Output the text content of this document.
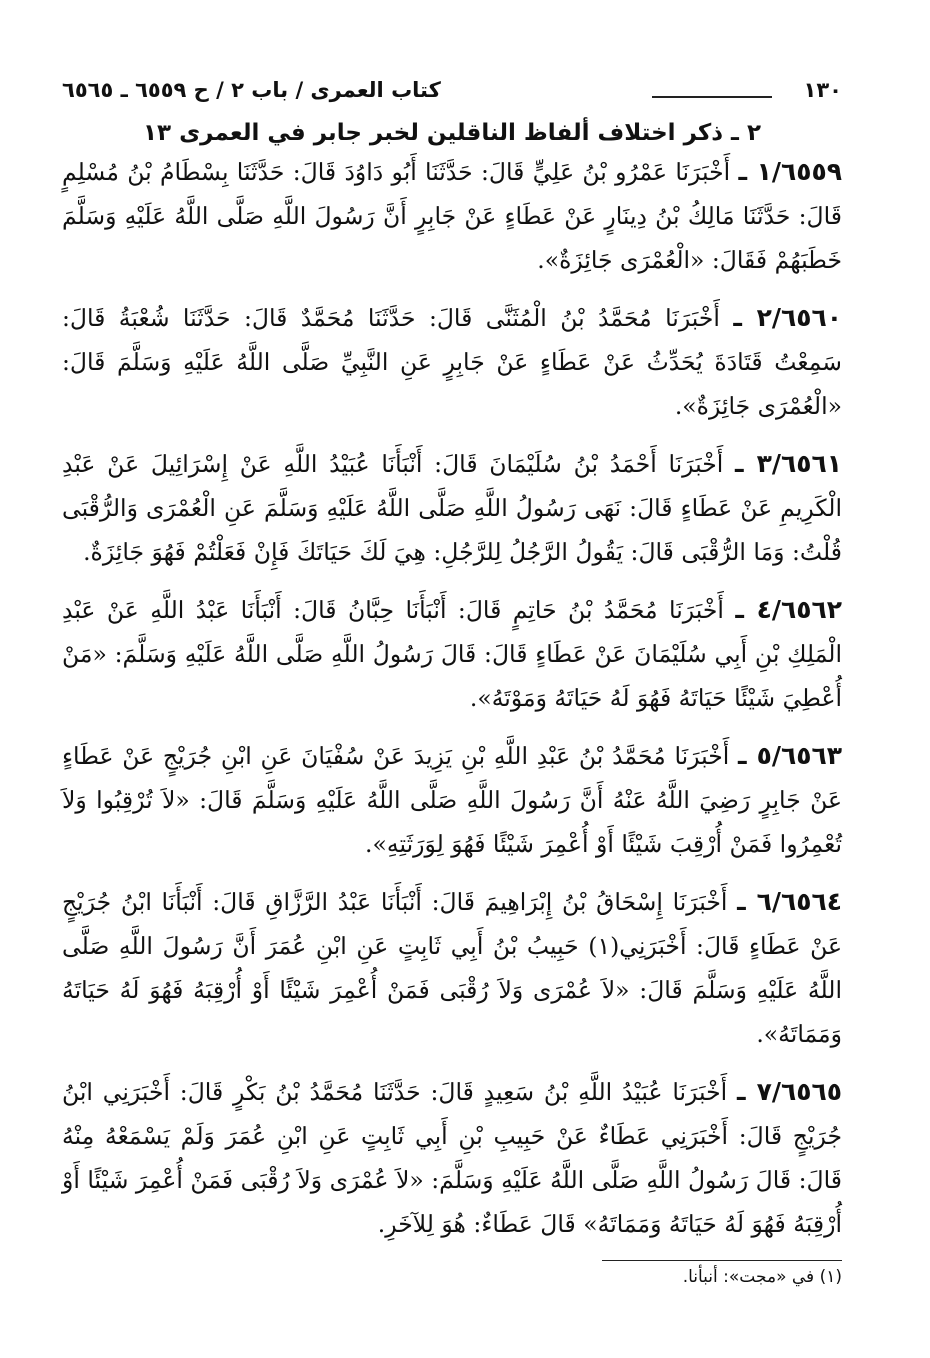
١٣٠
كتاب العمرى / باب ٢ / ح ٦٥٥٩ ـ ٦٥٦٥
٢ ـ ذكر اختلاف ألفاظ الناقلين لخبر جابر في العمرى ١٣
١/٦٥٥٩ ـ أَخْبَرَنَا عَمْرُو بْنُ عَلِيٍّ قَالَ: حَدَّثَنَا أَبُو دَاوُدَ قَالَ: حَدَّثَنَا بِسْطَامُ بْنُ مُسْلِمٍ قَالَ: حَدَّثَنَا مَالِكُ بْنُ دِينَارٍ عَنْ عَطَاءٍ عَنْ جَابِرٍ أَنَّ رَسُولَ اللَّهِ صَلَّى اللَّهُ عَلَيْهِ وَسَلَّمَ خَطَبَهُمْ فَقَالَ: «الْعُمْرَى جَائِزَةٌ».
٢/٦٥٦٠ ـ أَخْبَرَنَا مُحَمَّدُ بْنُ الْمُثَنَّى قَالَ: حَدَّثَنَا مُحَمَّدٌ قَالَ: حَدَّثَنَا شُعْبَةُ قَالَ: سَمِعْتُ قَتَادَةَ يُحَدِّثُ عَنْ عَطَاءٍ عَنْ جَابِرٍ عَنِ النَّبِيِّ صَلَّى اللَّهُ عَلَيْهِ وَسَلَّمَ قَالَ: «الْعُمْرَى جَائِزَةٌ».
٣/٦٥٦١ ـ أَخْبَرَنَا أَحْمَدُ بْنُ سُلَيْمَانَ قَالَ: أَنْبَأَنَا عُبَيْدُ اللَّهِ عَنْ إِسْرَائِيلَ عَنْ عَبْدِ الْكَرِيمِ عَنْ عَطَاءٍ قَالَ: نَهَى رَسُولُ اللَّهِ صَلَّى اللَّهُ عَلَيْهِ وَسَلَّمَ عَنِ الْعُمْرَى وَالرُّقْبَى قُلْتُ: وَمَا الرُّقْبَى قَالَ: يَقُولُ الرَّجُلُ لِلرَّجُلِ: هِيَ لَكَ حَيَاتَكَ فَإِنْ فَعَلْتُمْ فَهُوَ جَائِزَةٌ.
٤/٦٥٦٢ ـ أَخْبَرَنَا مُحَمَّدُ بْنُ حَاتِمٍ قَالَ: أَنْبَأَنَا حِبَّانُ قَالَ: أَنْبَأَنَا عَبْدُ اللَّهِ عَنْ عَبْدِ الْمَلِكِ بْنِ أَبِي سُلَيْمَانَ عَنْ عَطَاءٍ قَالَ: قَالَ رَسُولُ اللَّهِ صَلَّى اللَّهُ عَلَيْهِ وَسَلَّمَ: «مَنْ أُعْطِيَ شَيْئًا حَيَاتَهُ فَهُوَ لَهُ حَيَاتَهُ وَمَوْتَهُ».
٥/٦٥٦٣ ـ أَخْبَرَنَا مُحَمَّدُ بْنُ عَبْدِ اللَّهِ بْنِ يَزِيدَ عَنْ سُفْيَانَ عَنِ ابْنِ جُرَيْجٍ عَنْ عَطَاءٍ عَنْ جَابِرٍ رَضِيَ اللَّهُ عَنْهُ أَنَّ رَسُولَ اللَّهِ صَلَّى اللَّهُ عَلَيْهِ وَسَلَّمَ قَالَ: «لاَ تُرْقِبُوا وَلاَ تُعْمِرُوا فَمَنْ أُرْقِبَ شَيْئًا أَوْ أُعْمِرَ شَيْئًا فَهُوَ لِوَرَثَتِهِ».
٦/٦٥٦٤ ـ أَخْبَرَنَا إِسْحَاقُ بْنُ إِبْرَاهِيمَ قَالَ: أَنْبَأَنَا عَبْدُ الرَّزَّاقِ قَالَ: أَنْبَأَنَا ابْنُ جُرَيْجٍ عَنْ عَطَاءٍ قَالَ: أَخْبَرَنِي(١) حَبِيبُ بْنُ أَبِي ثَابِتٍ عَنِ ابْنِ عُمَرَ أَنَّ رَسُولَ اللَّهِ صَلَّى اللَّهُ عَلَيْهِ وَسَلَّمَ قَالَ: «لاَ عُمْرَى وَلاَ رُقْبَى فَمَنْ أُعْمِرَ شَيْئًا أَوْ أُرْقِبَهُ فَهُوَ لَهُ حَيَاتَهُ وَمَمَاتَهُ».
٧/٦٥٦٥ ـ أَخْبَرَنَا عُبَيْدُ اللَّهِ بْنُ سَعِيدٍ قَالَ: حَدَّثَنَا مُحَمَّدُ بْنُ بَكْرٍ قَالَ: أَخْبَرَنِي ابْنُ جُرَيْجٍ قَالَ: أَخْبَرَنِي عَطَاءٌ عَنْ حَبِيبِ بْنِ أَبِي ثَابِتٍ عَنِ ابْنِ عُمَرَ وَلَمْ يَسْمَعْهُ مِنْهُ قَالَ: قَالَ رَسُولُ اللَّهِ صَلَّى اللَّهُ عَلَيْهِ وَسَلَّمَ: «لاَ عُمْرَى وَلاَ رُقْبَى فَمَنْ أُعْمِرَ شَيْئًا أَوْ أُرْقِبَهُ فَهُوَ لَهُ حَيَاتَهُ وَمَمَاتَهُ» قَالَ عَطَاءٌ: هُوَ لِلآخَرِ.
(١) في «مجت»: أنبأنا.
